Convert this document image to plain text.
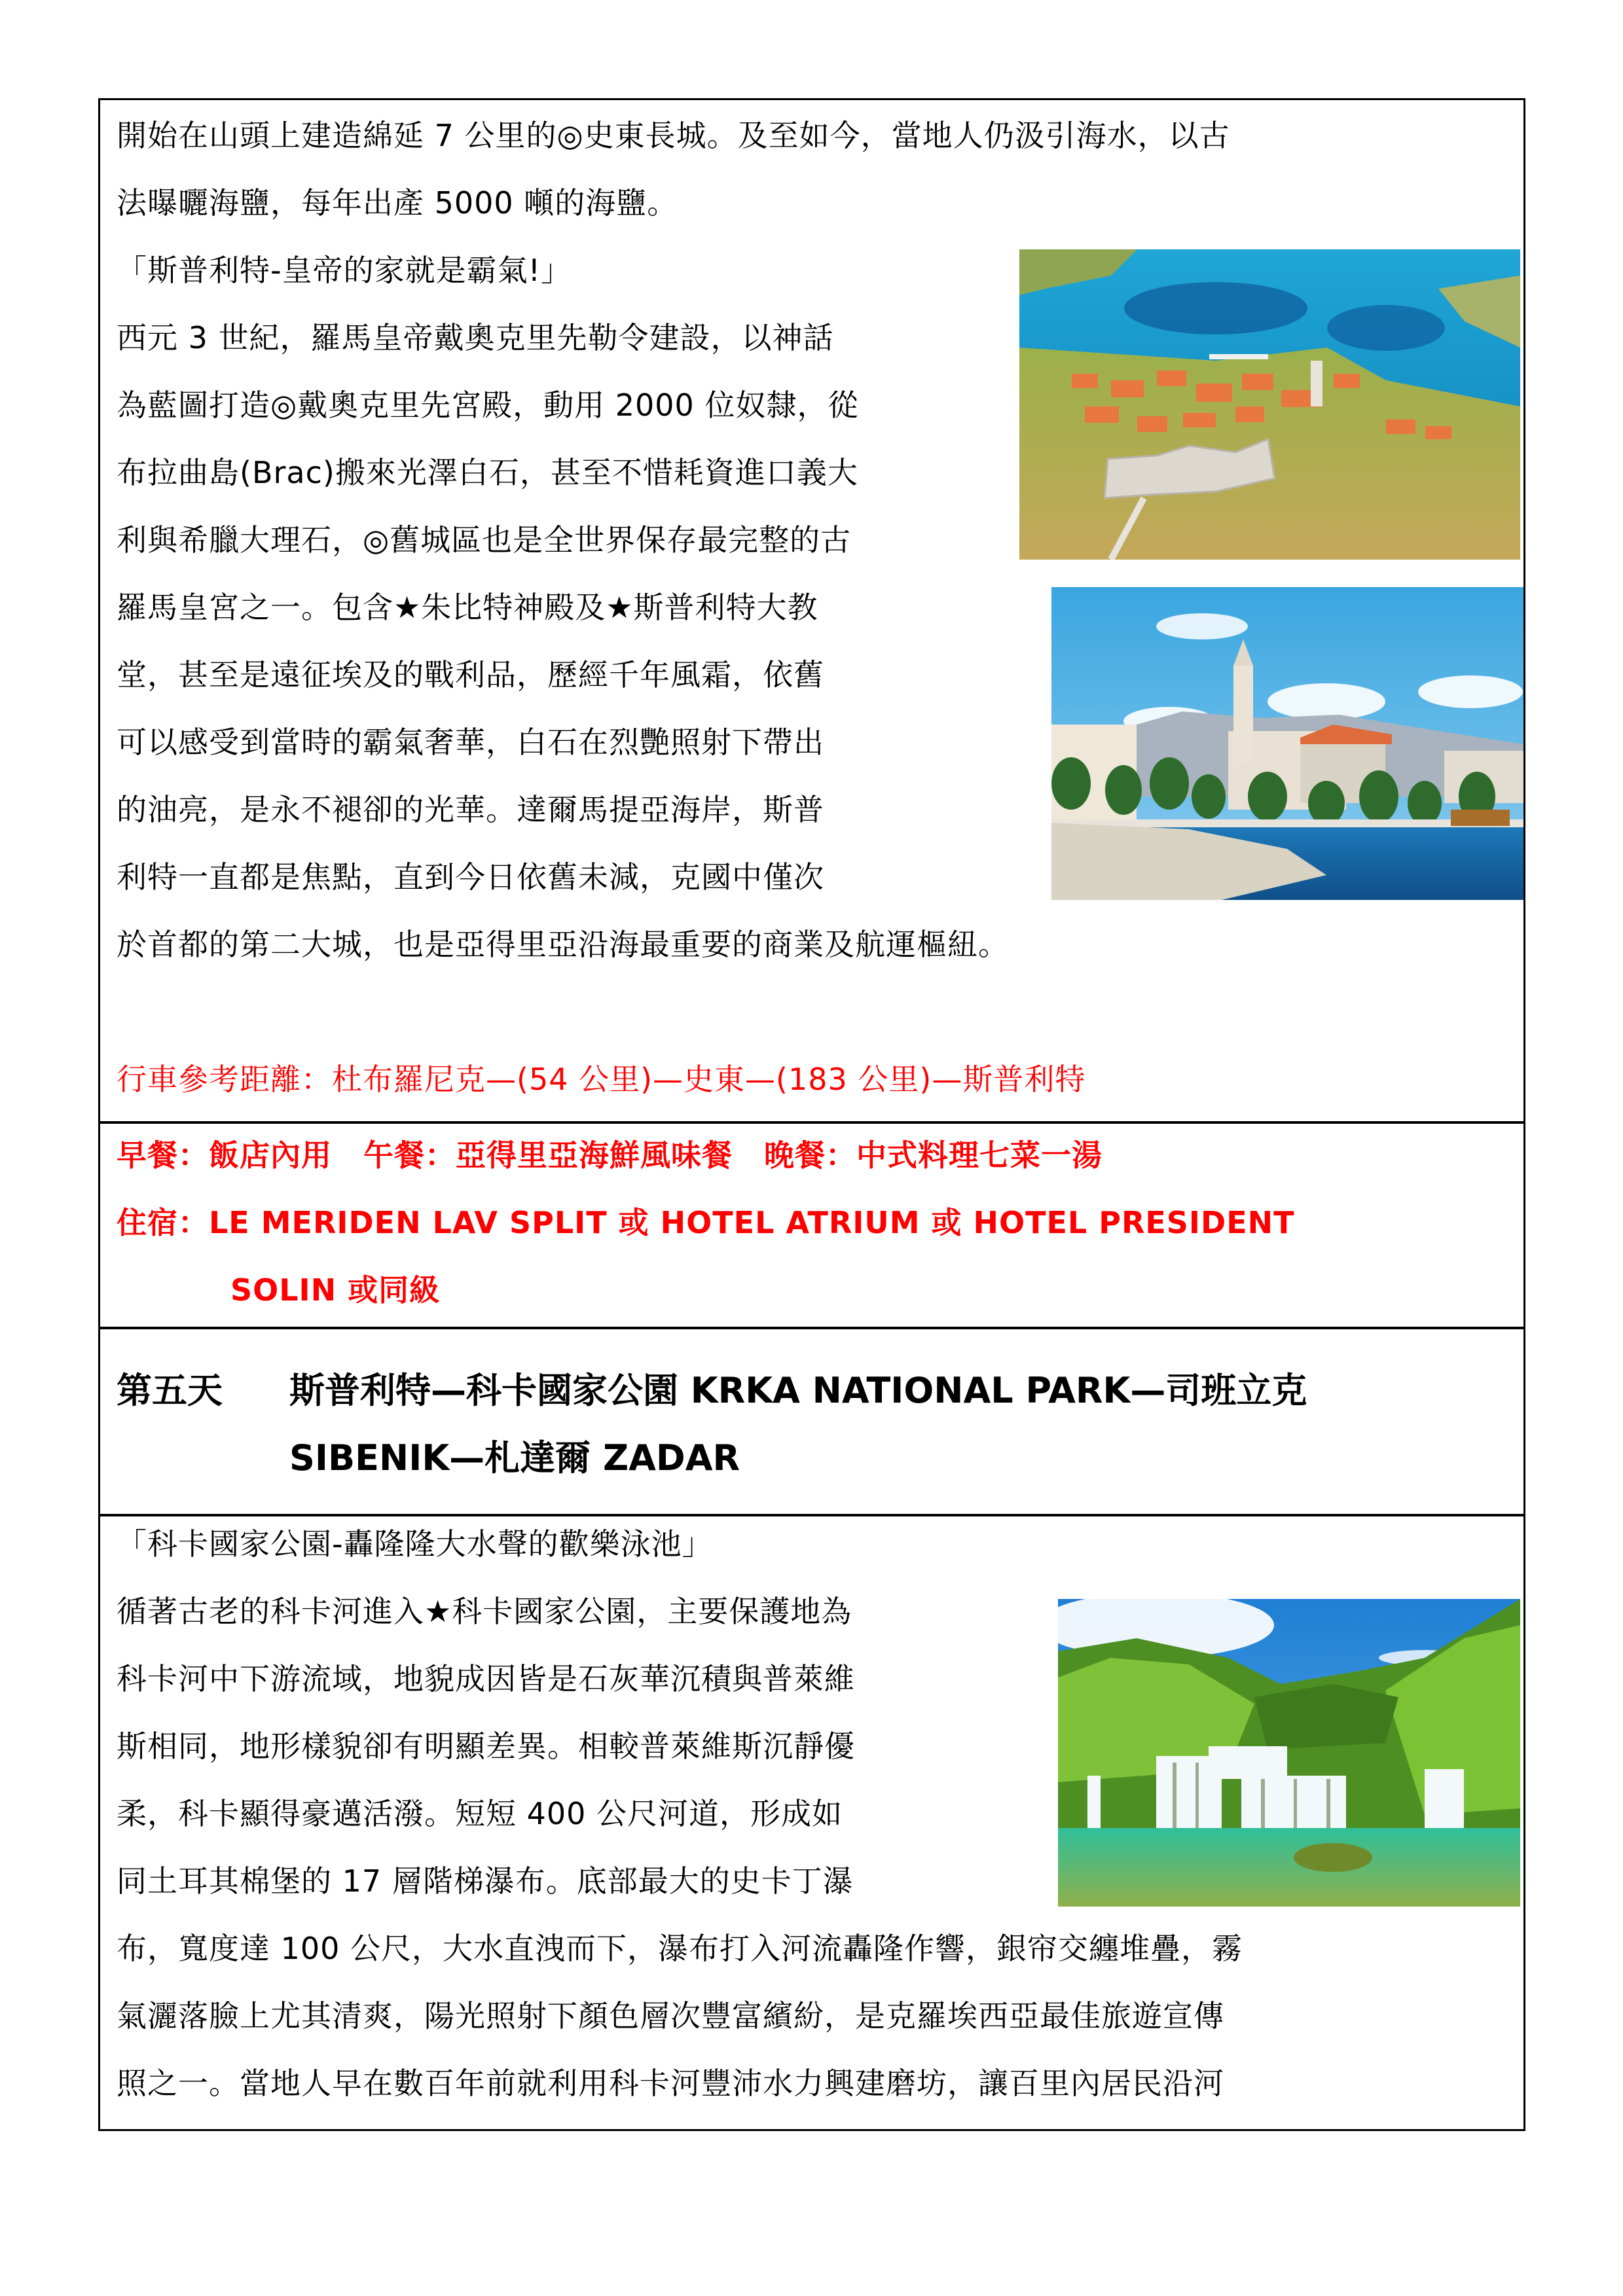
開始在山頭上建造綿延 7 公里的◎史東長城。及至如今，當地人仍汲引海水，以古
法曝曬海鹽，每年出產 5000 噸的海鹽。
「斯普利特-皇帝的家就是霸氣!」
西元 3 世紀，羅馬皇帝戴奧克里先勒令建設，以神話
為藍圖打造◎戴奧克里先宮殿，動用 2000 位奴隸，從
布拉曲島(Brac)搬來光澤白石，甚至不惜耗資進口義大
利與希臘大理石，◎舊城區也是全世界保存最完整的古
羅馬皇宮之一。包含★朱比特神殿及★斯普利特大教
堂，甚至是遠征埃及的戰利品，歷經千年風霜，依舊
可以感受到當時的霸氣奢華，白石在烈艷照射下帶出
的油亮，是永不褪卻的光華。達爾馬提亞海岸，斯普
利特一直都是焦點，直到今日依舊未減，克國中僅次
於首都的第二大城，也是亞得里亞沿海最重要的商業及航運樞紐。
行車參考距離：杜布羅尼克—(54 公里)—史東—(183 公里)—斯普利特
早餐：飯店內用 午餐：亞得里亞海鮮風味餐 晚餐：中式料理七菜一湯
住宿：LE MERIDEN LAV SPLIT 或 HOTEL ATRIUM 或 HOTEL PRESIDENT
SOLIN 或同級
第五天 斯普利特—科卡國家公園 KRKA NATIONAL PARK—司班立克
SIBENIK—札達爾 ZADAR
「科卡國家公園-轟隆隆大水聲的歡樂泳池」
循著古老的科卡河進入★科卡國家公園，主要保護地為
科卡河中下游流域，地貌成因皆是石灰華沉積與普萊維
斯相同，地形樣貌卻有明顯差異。相較普萊維斯沉靜優
柔，科卡顯得豪邁活潑。短短 400 公尺河道，形成如
同土耳其棉堡的 17 層階梯瀑布。底部最大的史卡丁瀑
布，寬度達 100 公尺，大水直洩而下，瀑布打入河流轟隆作響，銀帘交纏堆疊，霧
氣灑落臉上尤其清爽，陽光照射下顏色層次豐富繽紛，是克羅埃西亞最佳旅遊宣傳
照之一。當地人早在數百年前就利用科卡河豐沛水力興建磨坊，讓百里內居民沿河
